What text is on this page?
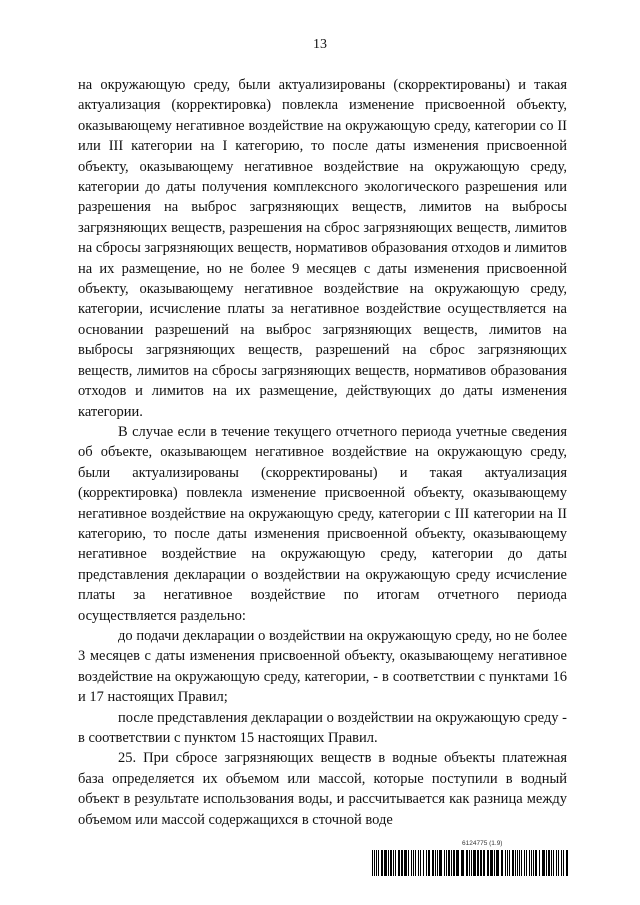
13

на окружающую среду, были актуализированы (скорректированы) и такая актуализация (корректировка) повлекла изменение присвоенной объекту, оказывающему негативное воздействие на окружающую среду, категории со II или III категории на I категорию, то после даты изменения присвоенной объекту, оказывающему негативное воздействие на окружающую среду, категории до даты получения комплексного экологического разрешения или разрешения на выброс загрязняющих веществ, лимитов на выбросы загрязняющих веществ, разрешения на сброс загрязняющих веществ, лимитов на сбросы загрязняющих веществ, нормативов образования отходов и лимитов на их размещение, но не более 9 месяцев с даты изменения присвоенной объекту, оказывающему негативное воздействие на окружающую среду, категории, исчисление платы за негативное воздействие осуществляется на основании разрешений на выброс загрязняющих веществ, лимитов на выбросы загрязняющих веществ, разрешений на сброс загрязняющих веществ, лимитов на сбросы загрязняющих веществ, нормативов образования отходов и лимитов на их размещение, действующих до даты изменения категории.

В случае если в течение текущего отчетного периода учетные сведения об объекте, оказывающем негативное воздействие на окружающую среду, были актуализированы (скорректированы) и такая актуализация (корректировка) повлекла изменение присвоенной объекту, оказывающему негативное воздействие на окружающую среду, категории с III категории на II категорию, то после даты изменения присвоенной объекту, оказывающему негативное воздействие на окружающую среду, категории до даты представления декларации о воздействии на окружающую среду исчисление платы за негативное воздействие по итогам отчетного периода осуществляется раздельно:

до подачи декларации о воздействии на окружающую среду, но не более 3 месяцев с даты изменения присвоенной объекту, оказывающему негативное воздействие на окружающую среду, категории, - в соответствии с пунктами 16 и 17 настоящих Правил;

после представления декларации о воздействии на окружающую среду - в соответствии с пунктом 15 настоящих Правил.

25. При сбросе загрязняющих веществ в водные объекты платежная база определяется их объемом или массой, которые поступили в водный объект в результате использования воды, и рассчитывается как разница между объемом или массой содержащихся в сточной воде

6124775 (1.9)
